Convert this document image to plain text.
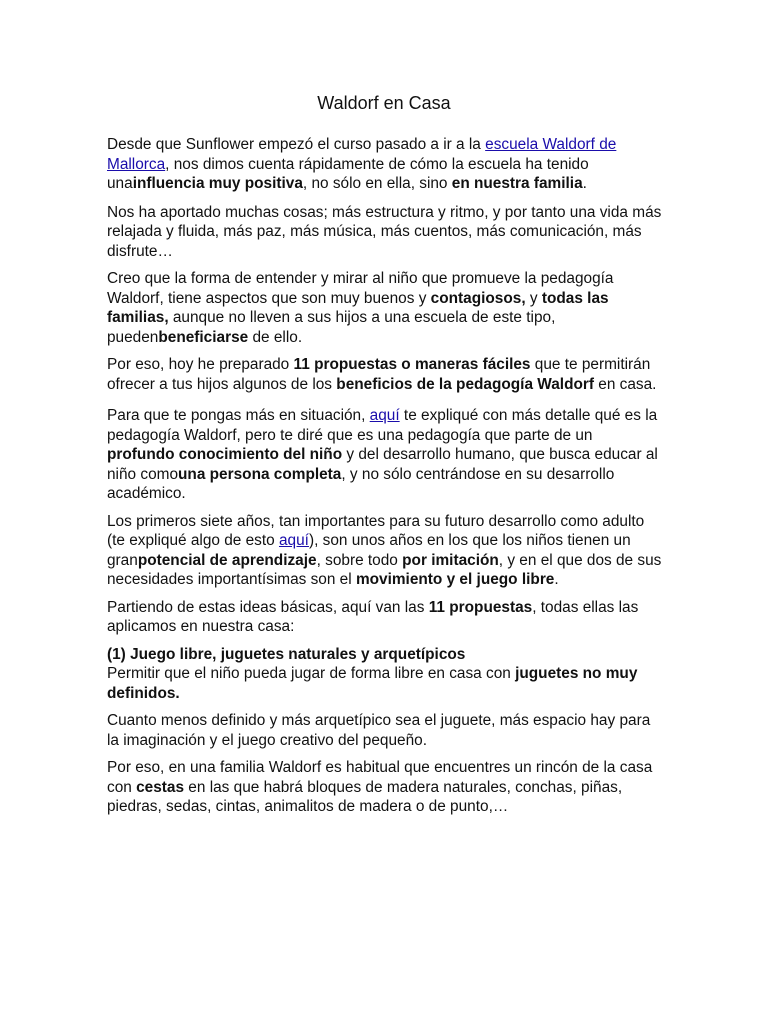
Waldorf en Casa

Desde que Sunflower empezó el curso pasado a ir a la escuela Waldorf de Mallorca, nos dimos cuenta rápidamente de cómo la escuela ha tenido unainfluencia muy positiva, no sólo en ella, sino en nuestra familia.

Nos ha aportado muchas cosas; más estructura y ritmo, y por tanto una vida más relajada y fluida, más paz, más música, más cuentos, más comunicación, más disfrute…

Creo que la forma de entender y mirar al niño que promueve la pedagogía Waldorf, tiene aspectos que son muy buenos y contagiosos, y todas las familias, aunque no lleven a sus hijos a una escuela de este tipo, puedenbeneficiarse de ello.

Por eso, hoy he preparado 11 propuestas o maneras fáciles que te permitirán ofrecer a tus hijos algunos de los beneficios de la pedagogía Waldorf en casa.

Para que te pongas más en situación, aquí te expliqué con más detalle qué es la pedagogía Waldorf, pero te diré que es una pedagogía que parte de un profundo conocimiento del niño y del desarrollo humano, que busca educar al niño comouna persona completa, y no sólo centrándose en su desarrollo académico.

Los primeros siete años, tan importantes para su futuro desarrollo como adulto (te expliqué algo de esto aquí), son unos años en los que los niños tienen un granpotencial de aprendizaje, sobre todo por imitación, y en el que dos de sus necesidades importantísimas son el movimiento y el juego libre.

Partiendo de estas ideas básicas, aquí van las 11 propuestas, todas ellas las aplicamos en nuestra casa:

(1) Juego libre, juguetes naturales y arquetípicos
Permitir que el niño pueda jugar de forma libre en casa con juguetes no muy definidos.

Cuanto menos definido y más arquetípico sea el juguete, más espacio hay para la imaginación y el juego creativo del pequeño.

Por eso, en una familia Waldorf es habitual que encuentres un rincón de la casa con cestas en las que habrá bloques de madera naturales, conchas, piñas, piedras, sedas, cintas, animalitos de madera o de punto,…
